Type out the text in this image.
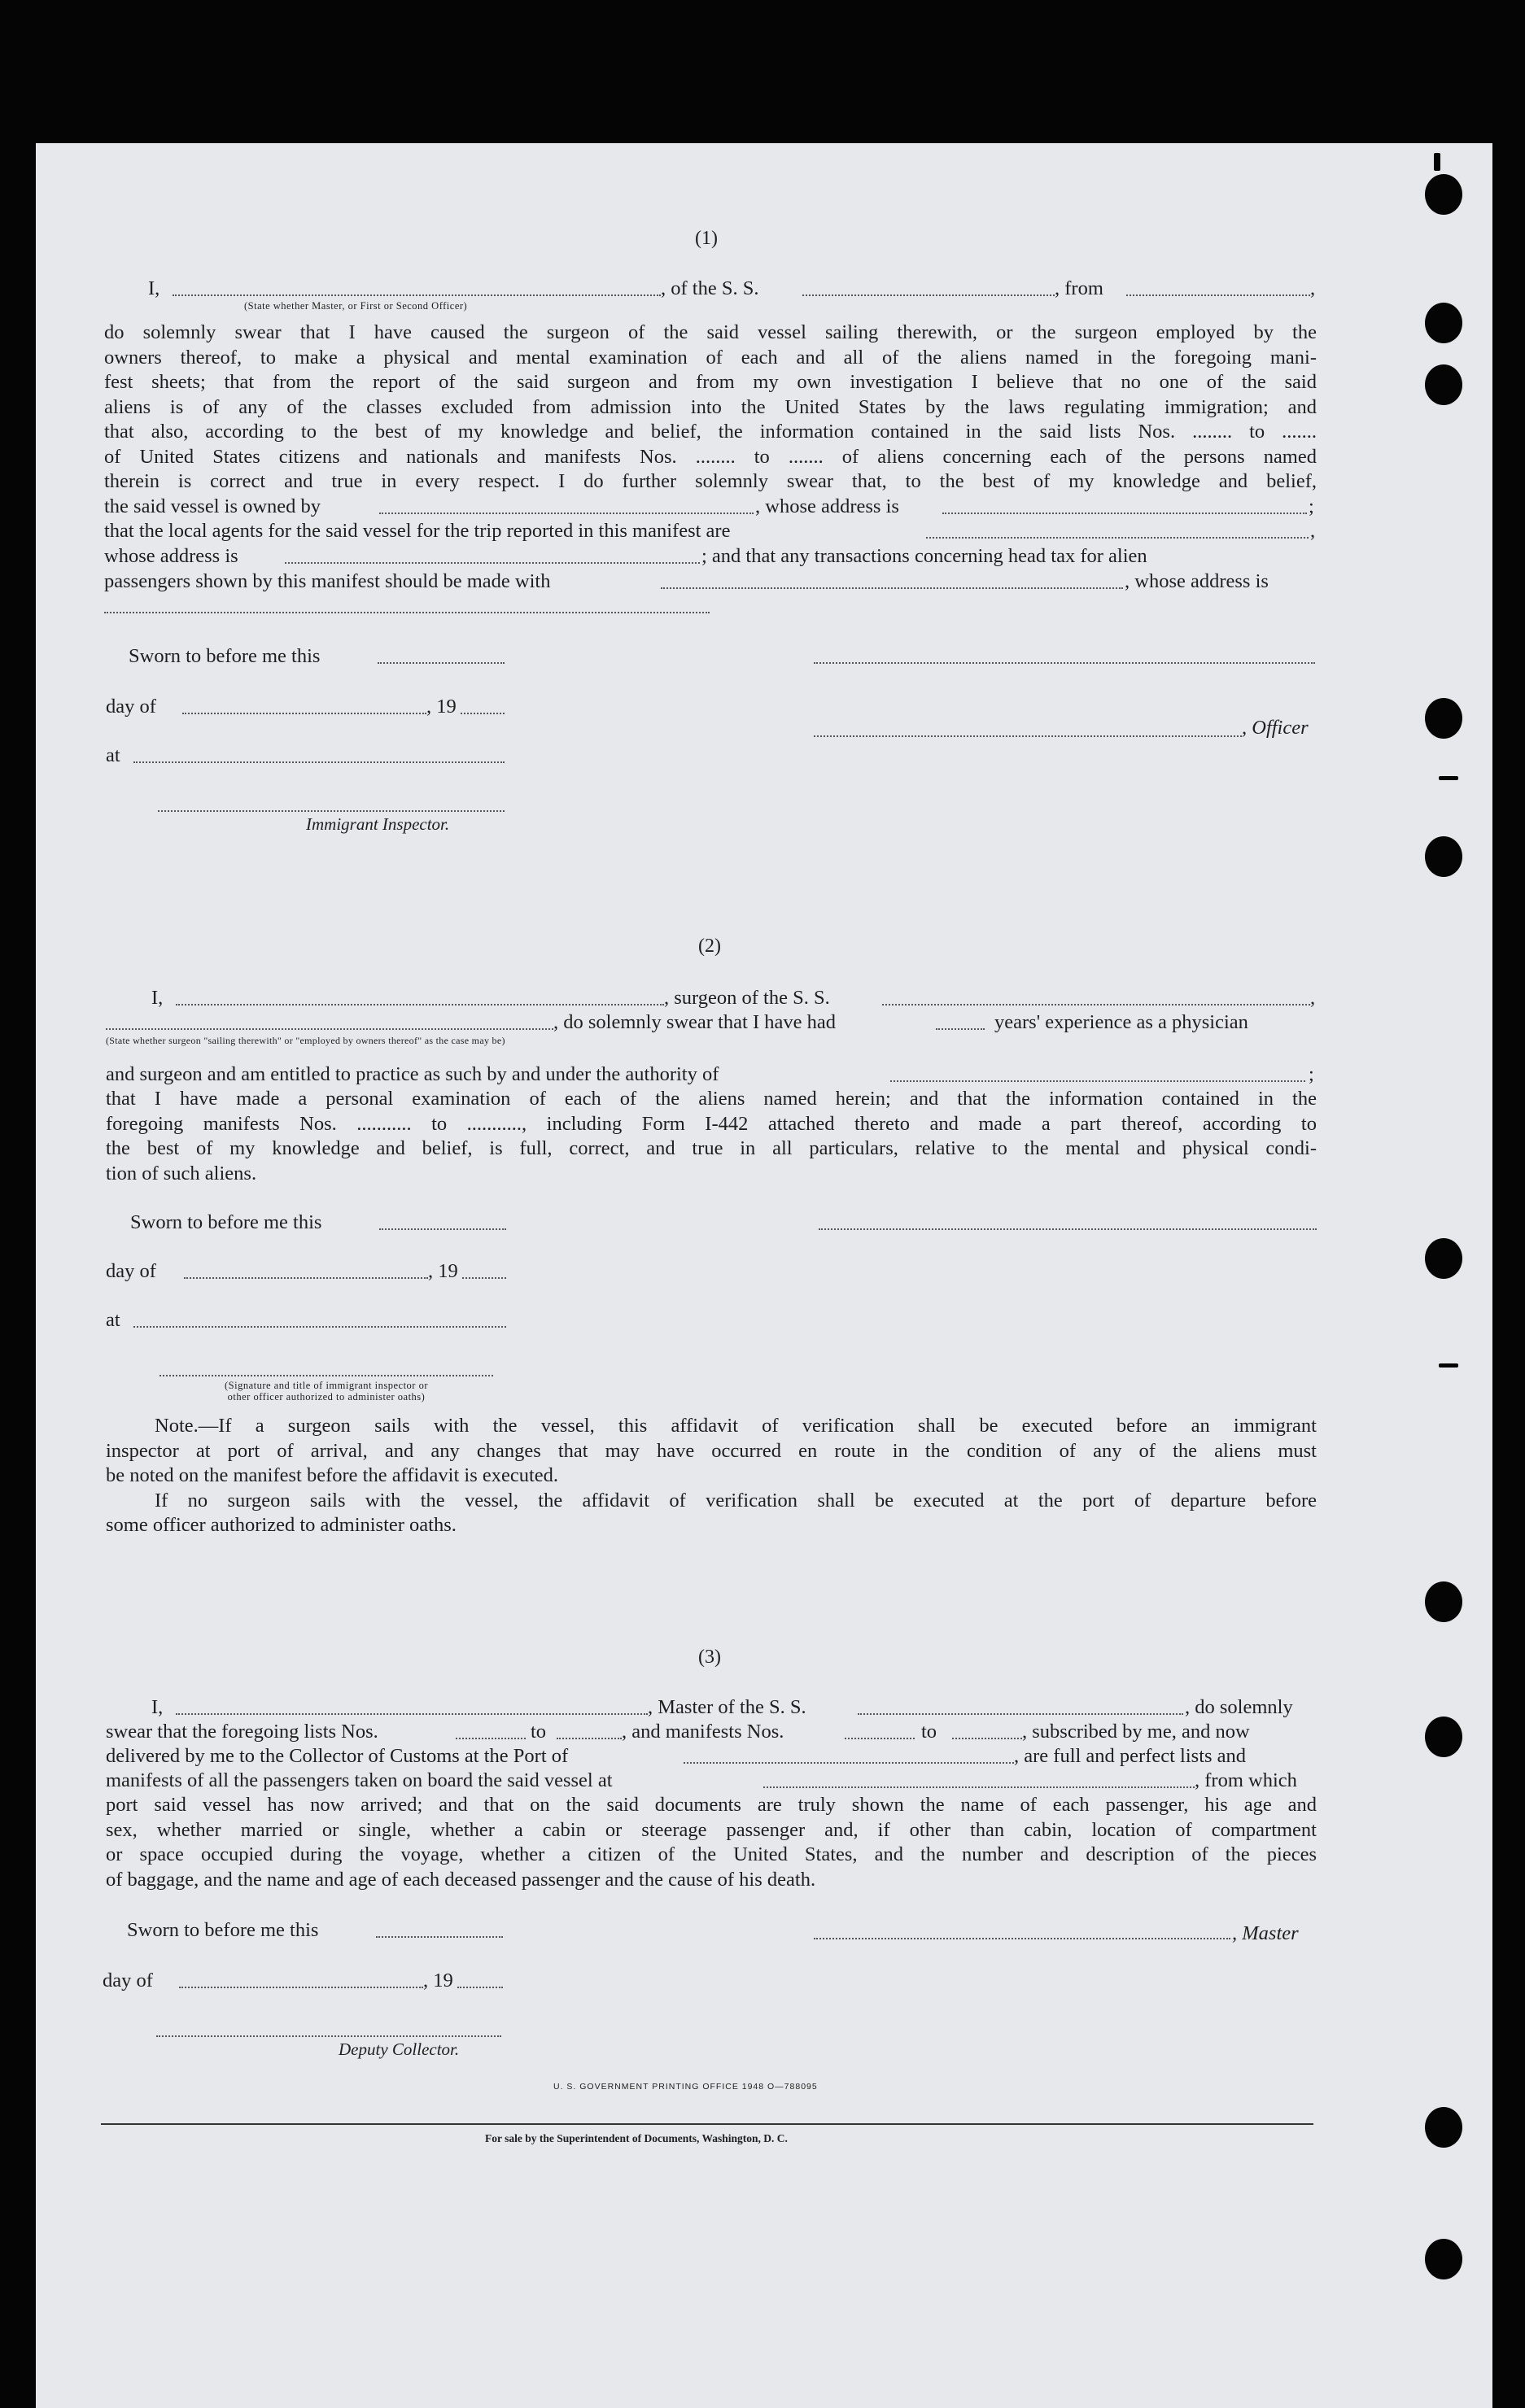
(1)
I,	, of the S. S.	, from	,
(State whether Master, or First or Second Officer)
do solemnly swear that I have caused the surgeon of the said vessel sailing therewith, or the surgeon employed by the
owners thereof, to make a physical and mental examination of each and all of the aliens named in the foregoing mani-
fest sheets; that from the report of the said surgeon and from my own investigation I believe that no one of the said
aliens is of any of the classes excluded from admission into the United States by the laws regulating immigration; and
that also, according to the best of my knowledge and belief, the information contained in the said lists Nos. ........ to .......
of United States citizens and nationals and manifests Nos. ........ to ....... of aliens concerning each of the persons named
therein is correct and true in every respect. I do further solemnly swear that, to the best of my knowledge and belief,
the said vessel is owned by	, whose address is	;
that the local agents for the said vessel for the trip reported in this manifest are	,
whose address is	; and that any transactions concerning head tax for alien
passengers shown by this manifest should be made with	, whose address is
Sworn to before me this
day of	, 19
, Officer
at
Immigrant Inspector.
(2)
I,	, surgeon of the S. S.	,
, do solemnly swear that I have had	years' experience as a physician
(State whether surgeon "sailing therewith" or "employed by owners thereof" as the case may be)
and surgeon and am entitled to practice as such by and under the authority of	;
that I have made a personal examination of each of the aliens named herein; and that the information contained in the
foregoing manifests Nos. ........... to ..........., including Form I-442 attached thereto and made a part thereof, according to
the best of my knowledge and belief, is full, correct, and true in all particulars, relative to the mental and physical condi-
tion of such aliens.
Sworn to before me this
day of	, 19
at
(Signature and title of immigrant inspector or
other officer authorized to administer oaths)
Note.—If a surgeon sails with the vessel, this affidavit of verification shall be executed before an immigrant
inspector at port of arrival, and any changes that may have occurred en route in the condition of any of the aliens must
be noted on the manifest before the affidavit is executed.
If no surgeon sails with the vessel, the affidavit of verification shall be executed at the port of departure before
some officer authorized to administer oaths.
(3)
I,	, Master of the S. S.	, do solemnly
swear that the foregoing lists Nos.	to	, and manifests Nos.	to	, subscribed by me, and now
delivered by me to the Collector of Customs at the Port of	, are full and perfect lists and
manifests of all the passengers taken on board the said vessel at	, from which
port said vessel has now arrived; and that on the said documents are truly shown the name of each passenger, his age and
sex, whether married or single, whether a cabin or steerage passenger and, if other than cabin, location of compartment
or space occupied during the voyage, whether a citizen of the United States, and the number and description of the pieces
of baggage, and the name and age of each deceased passenger and the cause of his death.
Sworn to before me this	, Master
day of	, 19
Deputy Collector.
U. S. GOVERNMENT PRINTING OFFICE 1948 O—788095
For sale by the Superintendent of Documents, Washington, D. C.
